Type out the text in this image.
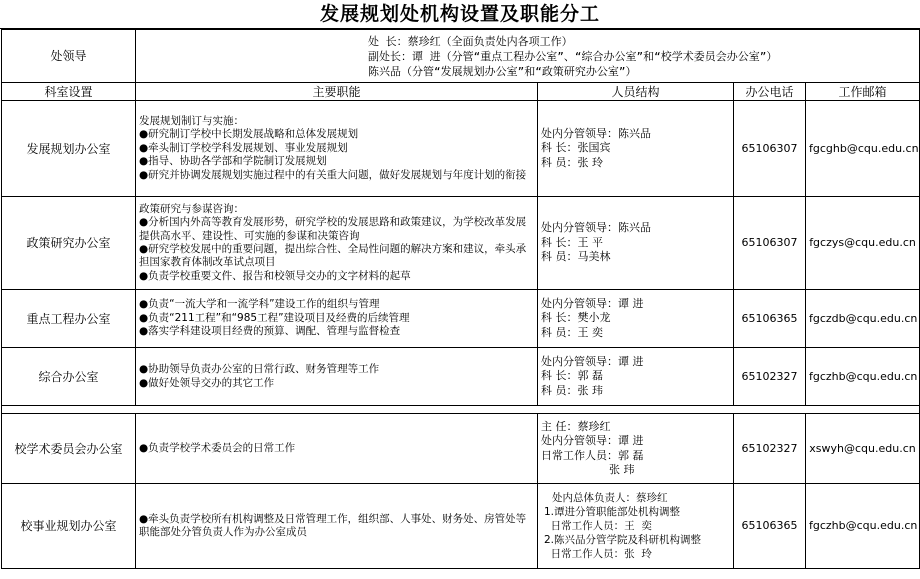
发展规划处机构设置及职能分工
处领导	处 长：蔡珍红（全面负责处内各项工作）
副处长：谭 进（分管“重点工程办公室”、“综合办公室”和“校学术委员会办公室”）
陈兴品（分管“发展规划办公室”和“政策研究办公室”）			

科室设置	主要职能	人员结构	办公电话	工作邮箱
发展规划办公室	发展规划制订与实施：
●研究制订学校中长期发展战略和总体发展规划
●牵头制订学校学科发展规划、事业发展规划
●指导、协助各学部和学院制订发展规划
●研究并协调发展规划实施过程中的有关重大问题，做好发展规划与年度计划的衔接	处内分管领导：陈兴品
科 长：张国宾
科 员：张 玲	65106307	fgcghb@cqu.edu.cn
政策研究办公室	政策研究与参谋咨询：
●分析国内外高等教育发展形势，研究学校的发展思路和政策建议，为学校改革发展提供高水平、建设性、可实施的参谋和决策咨询
●研究学校发展中的重要问题，提出综合性、全局性问题的解决方案和建议，牵头承担国家教育体制改革试点项目
●负责学校重要文件、报告和校领导交办的文字材料的起草	处内分管领导：陈兴品
科 长：王 平
科 员：马美林	65106307	fgczys@cqu.edu.cn
重点工程办公室	●负责“一流大学和一流学科”建设工作的组织与管理
●负责“211工程”和“985工程”建设项目及经费的后续管理
●落实学科建设项目经费的预算、调配、管理与监督检查	处内分管领导：谭 进
科 长：樊小龙
科 员：王 奕	65106365	fgczdb@cqu.edu.cn
综合办公室	●协助领导负责办公室的日常行政、财务管理等工作
●做好处领导交办的其它工作	处内分管领导：谭 进
科 长：郭 磊
科 员：张 玮	65102327	fgczhb@cqu.edu.cn

校学术委员会办公室	●负责学校学术委员会的日常工作	主 任：蔡珍红
处内分管领导：谭 进
日常工作人员：郭 磊
张 玮	65102327	xswyh@cqu.edu.cn
校事业规划办公室	●牵头负责学校所有机构调整及日常管理工作，组织部、人事处、财务处、房管处等职能部处分管负责人作为办公室成员	处内总体负责人：蔡珍红
1.谭进分管职能部处机构调整
日常工作人员：王  奕
2.陈兴品分管学院及科研机构调整
日常工作人员：张  玲	65106365	fgczhb@cqu.edu.cn
